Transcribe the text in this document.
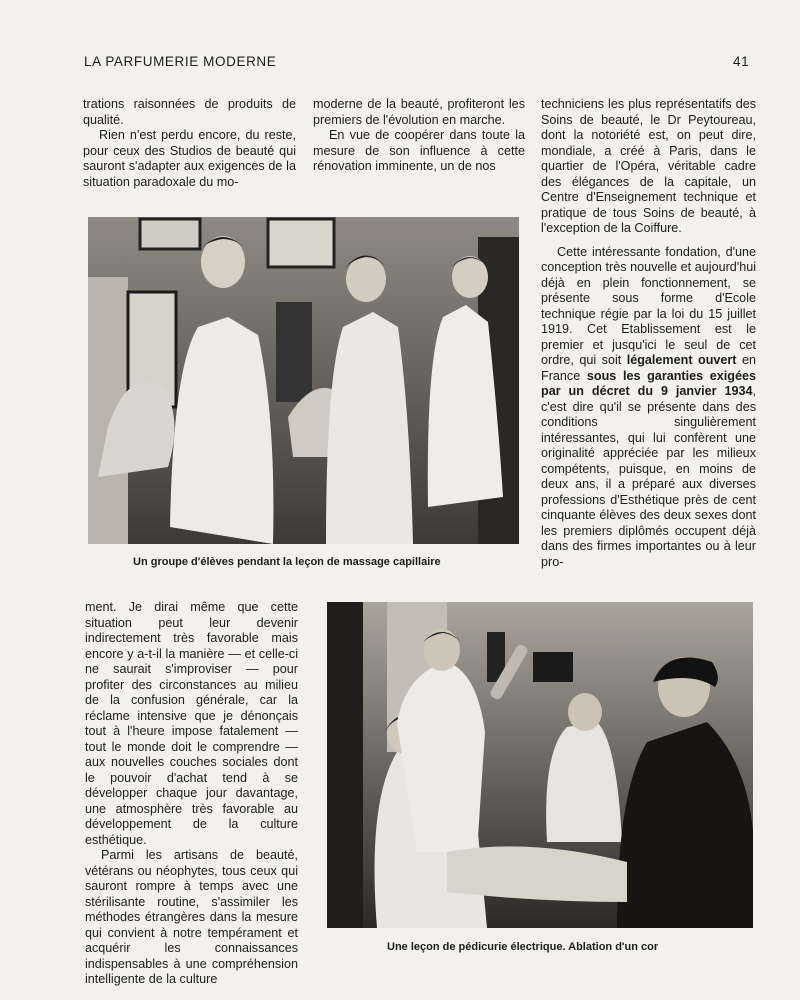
LA PARFUMERIE MODERNE	41

trations raisonnées de produits de qualité.

Rien n'est perdu encore, du reste, pour ceux des Studios de beauté qui sauront s'adapter aux exigences de la situation paradoxale du mo-

moderne de la beauté, profiteront les premiers de l'évolution en marche.

En vue de coopérer dans toute la mesure de son influence à cette rénovation imminente, un de nos

techniciens les plus représentatifs des Soins de beauté, le Dr Peytoureau, dont la notoriété est, on peut dire, mondiale, a créé à Paris, dans le quartier de l'Opéra, véritable cadre des élégances de la capitale, un Centre d'Enseignement technique et pratique de tous Soins de beauté, à l'exception de la Coiffure.

Cette intéressante fondation, d'une conception très nouvelle et aujourd'hui déjà en plein fonctionnement, se présente sous forme d'Ecole technique régie par la loi du 15 juillet 1919. Cet Etablissement est le premier et jusqu'ici le seul de cet ordre, qui soit légalement ouvert en France sous les garanties exigées par un décret du 9 janvier 1934, c'est dire qu'il se présente dans des conditions singulièrement intéressantes, qui lui confèrent une originalité appréciée par les milieux compétents, puisque, en moins de deux ans, il a préparé aux diverses professions d'Esthétique près de cent cinquante élèves des deux sexes dont les premiers diplômés occupent déjà dans des firmes importantes ou à leur pro-

Un groupe d'élèves pendant la leçon de massage capillaire

ment. Je dirai même que cette situation peut leur devenir indirectement très favorable mais encore y a-t-il la manière — et celle-ci ne saurait s'improviser — pour profiter des circonstances au milieu de la confusion générale, car la réclame intensive que je dénonçais tout à l'heure impose fatalement — tout le monde doit le comprendre — aux nouvelles couches sociales dont le pouvoir d'achat tend à se développer chaque jour davantage, une atmosphère très favorable au développement de la culture esthétique.

Parmi les artisans de beauté, vétérans ou néophytes, tous ceux qui sauront rompre à temps avec une stérilisante routine, s'assimiler les méthodes étrangères dans la mesure qui convient à notre tempérament et acquérir les connaissances indispensables à une compréhension intelligente de la culture

Une leçon de pédicurie électrique. Ablation d'un cor
